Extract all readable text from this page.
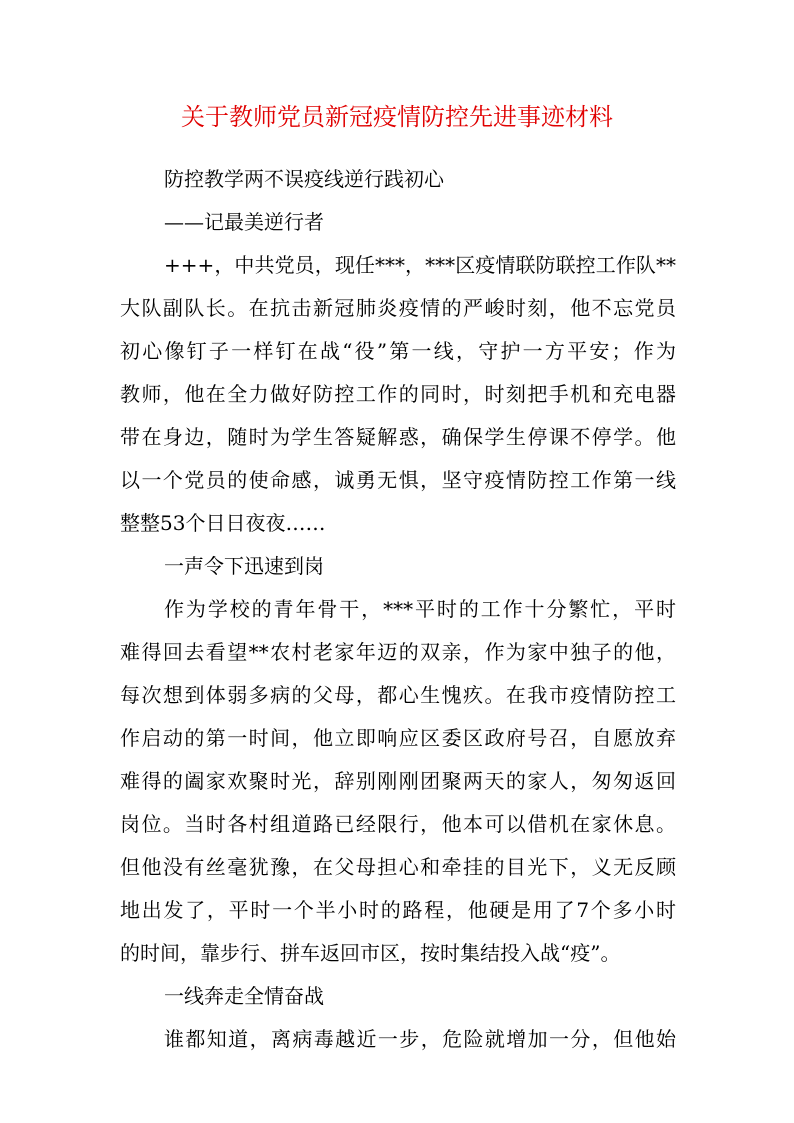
关于教师党员新冠疫情防控先进事迹材料
防控教学两不误疫线逆行践初心
——记最美逆行者
+++，中共党员，现任***，***区疫情联防联控工作队**
大队副队长。在抗击新冠肺炎疫情的严峻时刻，他不忘党员
初心像钉子一样钉在战“役”第一线，守护一方平安；作为
教师，他在全力做好防控工作的同时，时刻把手机和充电器
带在身边，随时为学生答疑解惑，确保学生停课不停学。他
以一个党员的使命感，诚勇无惧，坚守疫情防控工作第一线
整整53个日日夜夜……
一声令下迅速到岗
作为学校的青年骨干，***平时的工作十分繁忙，平时
难得回去看望**农村老家年迈的双亲，作为家中独子的他，
每次想到体弱多病的父母，都心生愧疚。在我市疫情防控工
作启动的第一时间，他立即响应区委区政府号召，自愿放弃
难得的阖家欢聚时光，辞别刚刚团聚两天的家人，匆匆返回
岗位。当时各村组道路已经限行，他本可以借机在家休息。
但他没有丝毫犹豫，在父母担心和牵挂的目光下，义无反顾
地出发了，平时一个半小时的路程，他硬是用了7个多小时
的时间，靠步行、拼车返回市区，按时集结投入战“疫”。
一线奔走全情奋战
谁都知道，离病毒越近一步，危险就增加一分，但他始
